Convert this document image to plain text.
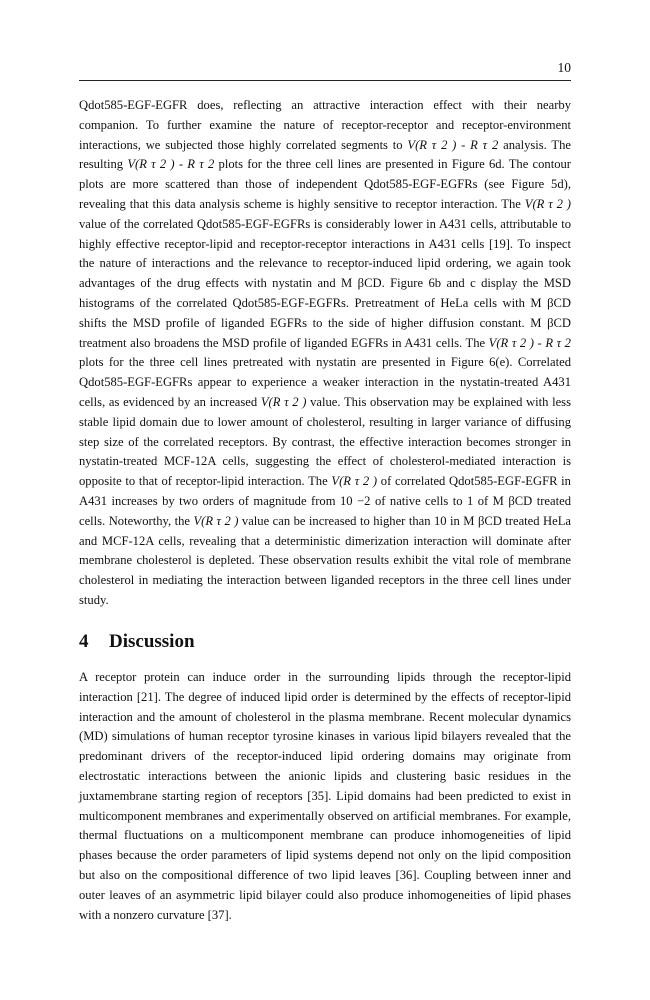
10

Qdot585-EGF-EGFR does, reflecting an attractive interaction effect with their nearby companion. To further examine the nature of receptor-receptor and receptor-environment interactions, we subjected those highly correlated segments to V(R τ 2 ) - R τ 2 analysis. The resulting V(R τ 2 ) - R τ 2 plots for the three cell lines are presented in Figure 6d. The contour plots are more scattered than those of independent Qdot585-EGF-EGFRs (see Figure 5d), revealing that this data analysis scheme is highly sensitive to receptor interaction. The V(R τ 2 ) value of the correlated Qdot585-EGF-EGFRs is considerably lower in A431 cells, attributable to highly effective receptor-lipid and receptor-receptor interactions in A431 cells [19]. To inspect the nature of interactions and the relevance to receptor-induced lipid ordering, we again took advantages of the drug effects with nystatin and M βCD. Figure 6b and c display the MSD histograms of the correlated Qdot585-EGF-EGFRs. Pretreatment of HeLa cells with M βCD shifts the MSD profile of liganded EGFRs to the side of higher diffusion constant. M βCD treatment also broadens the MSD profile of liganded EGFRs in A431 cells. The V(R τ 2 ) - R τ 2 plots for the three cell lines pretreated with nystatin are presented in Figure 6(e). Correlated Qdot585-EGF-EGFRs appear to experience a weaker interaction in the nystatin-treated A431 cells, as evidenced by an increased V(R τ 2 ) value. This observation may be explained with less stable lipid domain due to lower amount of cholesterol, resulting in larger variance of diffusing step size of the correlated receptors. By contrast, the effective interaction becomes stronger in nystatin-treated MCF-12A cells, suggesting the effect of cholesterol-mediated interaction is opposite to that of receptor-lipid interaction. The V(R τ 2 ) of correlated Qdot585-EGF-EGFR in A431 increases by two orders of magnitude from 10 −2 of native cells to 1 of M βCD treated cells. Noteworthy, the V(R τ 2 ) value can be increased to higher than 10 in M βCD treated HeLa and MCF-12A cells, revealing that a deterministic dimerization interaction will dominate after membrane cholesterol is depleted. These observation results exhibit the vital role of membrane cholesterol in mediating the interaction between liganded receptors in the three cell lines under study.

4 Discussion

A receptor protein can induce order in the surrounding lipids through the receptor-lipid interaction [21]. The degree of induced lipid order is determined by the effects of receptor-lipid interaction and the amount of cholesterol in the plasma membrane. Recent molecular dynamics (MD) simulations of human receptor tyrosine kinases in various lipid bilayers revealed that the predominant drivers of the receptor-induced lipid ordering domains may originate from electrostatic interactions between the anionic lipids and clustering basic residues in the juxtamembrane starting region of receptors [35]. Lipid domains had been predicted to exist in multicomponent membranes and experimentally observed on artificial membranes. For example, thermal fluctuations on a multicomponent membrane can produce inhomogeneities of lipid phases because the order parameters of lipid systems depend not only on the lipid composition but also on the compositional difference of two lipid leaves [36]. Coupling between inner and outer leaves of an asymmetric lipid bilayer could also produce inhomogeneities of lipid phases with a nonzero curvature [37].
